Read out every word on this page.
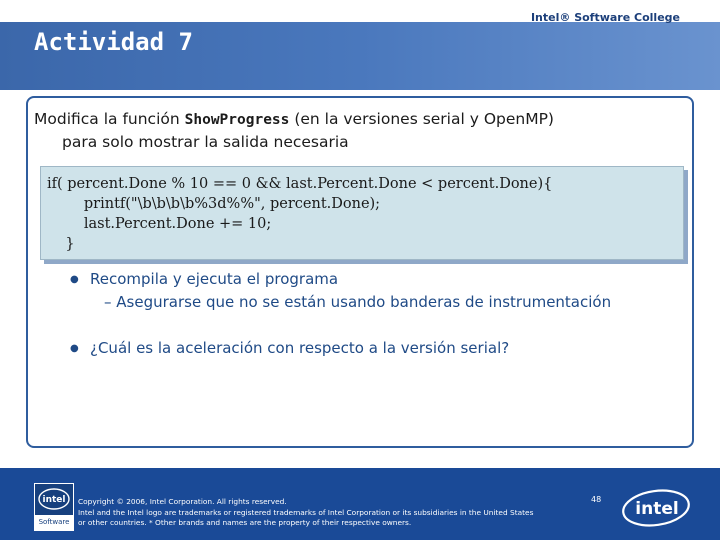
Intel® Software College
Actividad 7
Modifica la función ShowProgress (en la versiones serial y OpenMP)
para solo mostrar la salida necesaria
if( percent.Done % 10 == 0 && last.Percent.Done < percent.Done){
printf("\b\b\b\b%3d%%", percent.Done);
last.Percent.Done += 10;
}
● Recompila y ejecuta el programa
– Asegurarse que no se están usando banderas de instrumentación
● ¿Cuál es la aceleración con respecto a la versión serial?
intel
Software
Copyright © 2006, Intel Corporation. All rights reserved.
Intel and the Intel logo are trademarks or registered trademarks of Intel Corporation or its subsidiaries in the United States
or other countries. * Other brands and names are the property of their respective owners.
48 intel
